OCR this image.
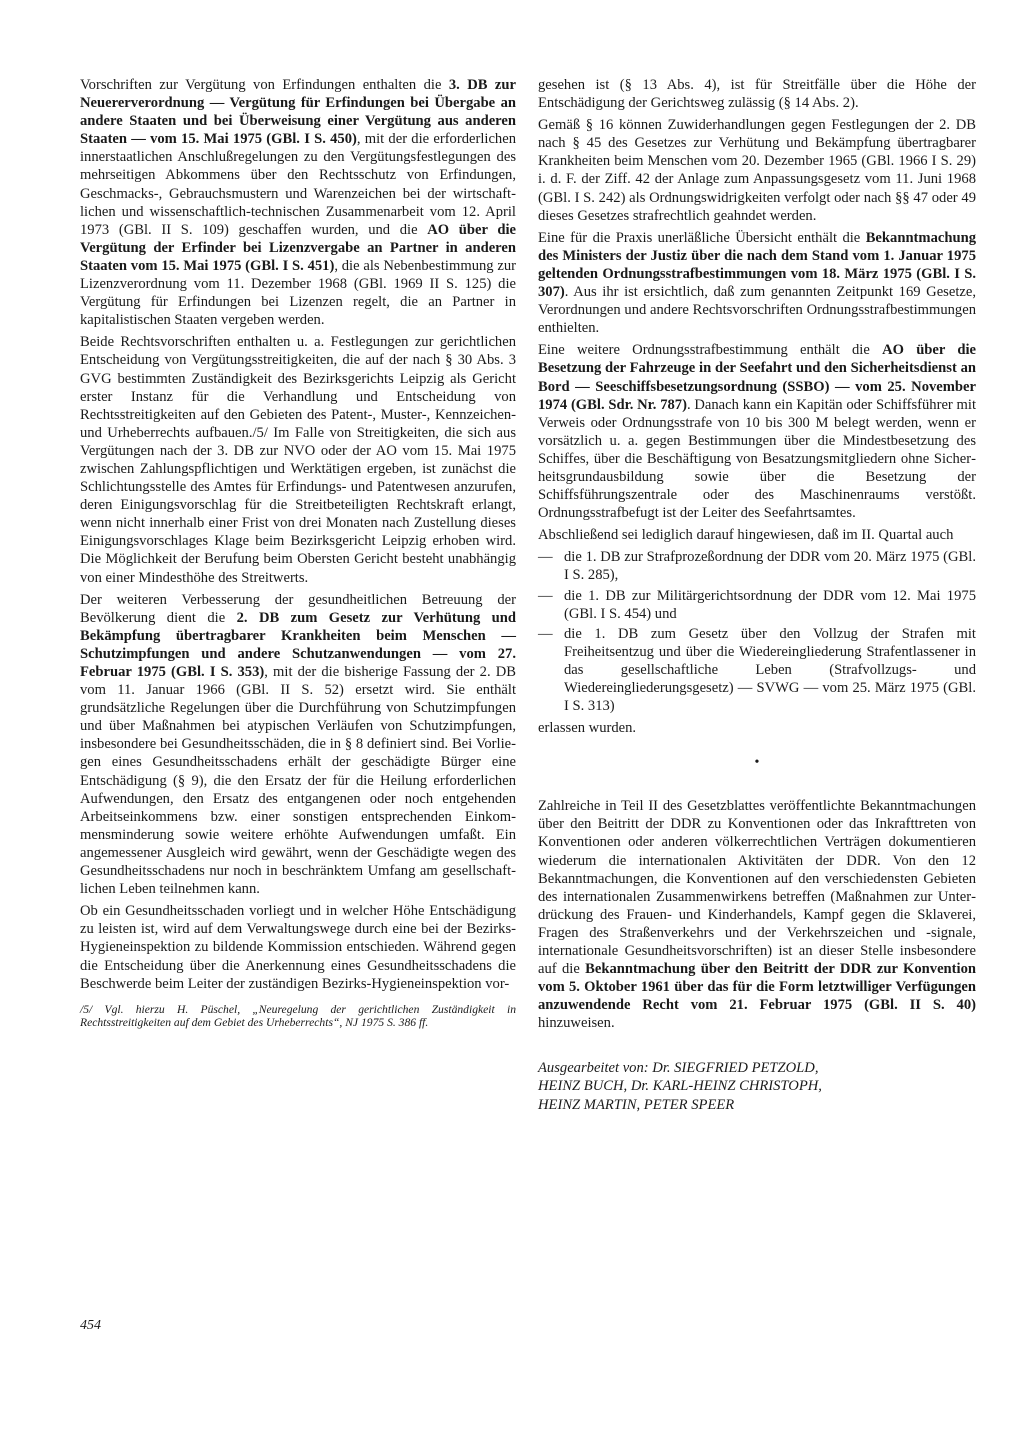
Vorschriften zur Vergütung von Erfindungen enthalten die 3. DB zur Neuererverordnung — Vergütung für Erfindungen bei Übergabe an andere Staaten und bei Überweisung einer Vergütung aus anderen Staaten — vom 15. Mai 1975 (GBl. I S. 450), mit der die erforderlichen innerstaatlichen Anschlußregelungen zu den Vergütungsfestlegungen des mehrseitigen Abkommens über den Rechtsschutz von Erfindungen, Geschmacks-, Gebrauchsmustern und Warenzeichen bei der wirtschaftlichen und wissenschaftlich-technischen Zusammenarbeit vom 12. April 1973 (GBl. II S. 109) geschaffen wurden, und die AO über die Vergütung der Erfinder bei Lizenzvergabe an Partner in anderen Staaten vom 15. Mai 1975 (GBl. I S. 451), die als Nebenbestimmung zur Lizenzverordnung vom 11. Dezember 1968 (GBl. 1969 II S. 125) die Vergütung für Erfindungen bei Lizenzen regelt, die an Partner in kapitalistischen Staaten vergeben werden.

Beide Rechtsvorschriften enthalten u. a. Festlegungen zur gerichtlichen Entscheidung von Vergütungsstreitigkeiten, die auf der nach § 30 Abs. 3 GVG bestimmten Zuständigkeit des Bezirksgerichts Leipzig als Gericht erster Instanz für die Verhandlung und Entscheidung von Rechtsstreitigkeiten auf den Gebieten des Patent-, Muster-, Kennzeichen- und Urheberrechts aufbauen./5/ Im Falle von Streitigkeiten, die sich aus Vergütungen nach der 3. DB zur NVO oder der AO vom 15. Mai 1975 zwischen Zahlungspflichtigen und Werktätigen ergeben, ist zunächst die Schlichtungsstelle des Amtes für Erfindungs- und Patentwesen anzurufen, deren Einigungsvorschlag für die Streitbeteiligten Rechtskraft erlangt, wenn nicht innerhalb einer Frist von drei Monaten nach Zustellung dieses Einigungsvorschlages Klage beim Bezirksgericht Leipzig erhoben wird. Die Möglichkeit der Berufung beim Obersten Gericht besteht unabhängig von einer Mindesthöhe des Streitwerts.

Der weiteren Verbesserung der gesundheitlichen Betreuung der Bevölkerung dient die 2. DB zum Gesetz zur Verhütung und Bekämpfung übertragbarer Krankheiten beim Menschen — Schutzimpfungen und andere Schutzanwendungen — vom 27. Februar 1975 (GBl. I S. 353), mit der die bisherige Fassung der 2. DB vom 11. Januar 1966 (GBl. II S. 52) ersetzt wird. Sie enthält grundsätzliche Regelungen über die Durchführung von Schutzimpfungen und über Maßnahmen bei atypischen Verläufen von Schutzimpfungen, insbesondere bei Gesundheitsschäden, die in § 8 definiert sind. Bei Vorliegen eines Gesundheitsschadens erhält der geschädigte Bürger eine Entschädigung (§ 9), die den Ersatz der für die Heilung erforderlichen Aufwendungen, den Ersatz des entgangenen oder noch entgehenden Arbeitseinkommens bzw. einer sonstigen entsprechenden Einkommensminderung sowie weitere erhöhte Aufwendungen umfaßt. Ein angemessener Ausgleich wird gewährt, wenn der Geschädigte wegen des Gesundheitsschadens nur noch in beschränktem Umfang am gesellschaftlichen Leben teilnehmen kann.

Ob ein Gesundheitsschaden vorliegt und in welcher Höhe Entschädigung zu leisten ist, wird auf dem Verwaltungswege durch eine bei der Bezirks-Hygieneinspektion zu bildende Kommission entschieden. Während gegen die Entscheidung über die Anerkennung eines Gesundheitsschadens die Beschwerde beim Leiter der zuständigen Bezirks-Hygieneinspektion vor-

/5/ Vgl. hierzu H. Püschel, „Neuregelung der gerichtlichen Zuständigkeit in Rechtsstreitigkeiten auf dem Gebiet des Urheberrechts“, NJ 1975 S. 386 ff.

gesehen ist (§ 13 Abs. 4), ist für Streitfälle über die Höhe der Entschädigung der Gerichtsweg zulässig (§ 14 Abs. 2).

Gemäß § 16 können Zuwiderhandlungen gegen Festlegungen der 2. DB nach § 45 des Gesetzes zur Verhütung und Bekämpfung übertragbarer Krankheiten beim Menschen vom 20. Dezember 1965 (GBl. 1966 I S. 29) i. d. F. der Ziff. 42 der Anlage zum Anpassungsgesetz vom 11. Juni 1968 (GBl. I S. 242) als Ordnungswidrigkeiten verfolgt oder nach §§ 47 oder 49 dieses Gesetzes strafrechtlich geahndet werden.

Eine für die Praxis unerläßliche Übersicht enthält die Bekanntmachung des Ministers der Justiz über die nach dem Stand vom 1. Januar 1975 geltenden Ordnungsstrafbestimmungen vom 18. März 1975 (GBl. I S. 307). Aus ihr ist ersichtlich, daß zum genannten Zeitpunkt 169 Gesetze, Verordnungen und andere Rechtsvorschriften Ordnungsstrafbestimmungen enthielten.

Eine weitere Ordnungsstrafbestimmung enthält die AO über die Besetzung der Fahrzeuge in der Seefahrt und den Sicherheitsdienst an Bord — Seeschiffsbesetzungsordnung (SSBO) — vom 25. November 1974 (GBl. Sdr. Nr. 787). Danach kann ein Kapitän oder Schiffsführer mit Verweis oder Ordnungsstrafe von 10 bis 300 M belegt werden, wenn er vorsätzlich u. a. gegen Bestimmungen über die Mindestbesetzung des Schiffes, über die Beschäftigung von Besatzungsmitgliedern ohne Sicherheitsgrundausbildung sowie über die Besetzung der Schiffsführungszentrale oder des Maschinenraums verstößt. Ordnungsstrafbefugt ist der Leiter des Seefahrtsamtes.

Abschließend sei lediglich darauf hingewiesen, daß im II. Quartal auch

— die 1. DB zur Strafprozeßordnung der DDR vom 20. März 1975 (GBl. I S. 285),
— die 1. DB zur Militärgerichtsordnung der DDR vom 12. Mai 1975 (GBl. I S. 454) und
— die 1. DB zum Gesetz über den Vollzug der Strafen mit Freiheitsentzug und über die Wiedereingliederung Strafentlassener in das gesellschaftliche Leben (Strafvollzugs- und Wiedereingliederungsgesetz) — SVWG — vom 25. März 1975 (GBl. I S. 313)

erlassen wurden.

•

Zahlreiche in Teil II des Gesetzblattes veröffentlichte Bekanntmachungen über den Beitritt der DDR zu Konventionen oder das Inkrafttreten von Konventionen oder anderen völkerrechtlichen Verträgen dokumentieren wiederum die internationalen Aktivitäten der DDR. Von den 12 Bekanntmachungen, die Konventionen auf den verschiedensten Gebieten des internationalen Zusammenwirkens betreffen (Maßnahmen zur Unterdrückung des Frauen- und Kinderhandels, Kampf gegen die Sklaverei, Fragen des Straßenverkehrs und der Verkehrszeichen und -signale, internationale Gesundheitsvorschriften) ist an dieser Stelle insbesondere auf die Bekanntmachung über den Beitritt der DDR zur Konvention vom 5. Oktober 1961 über das für die Form letztwilliger Verfügungen anzuwendende Recht vom 21. Februar 1975 (GBl. II S. 40) hinzuweisen.

Ausgearbeitet von: Dr. SIEGFRIED PETZOLD,
HEINZ BUCH, Dr. KARL-HEINZ CHRISTOPH,
HEINZ MARTIN, PETER SPEER
454
